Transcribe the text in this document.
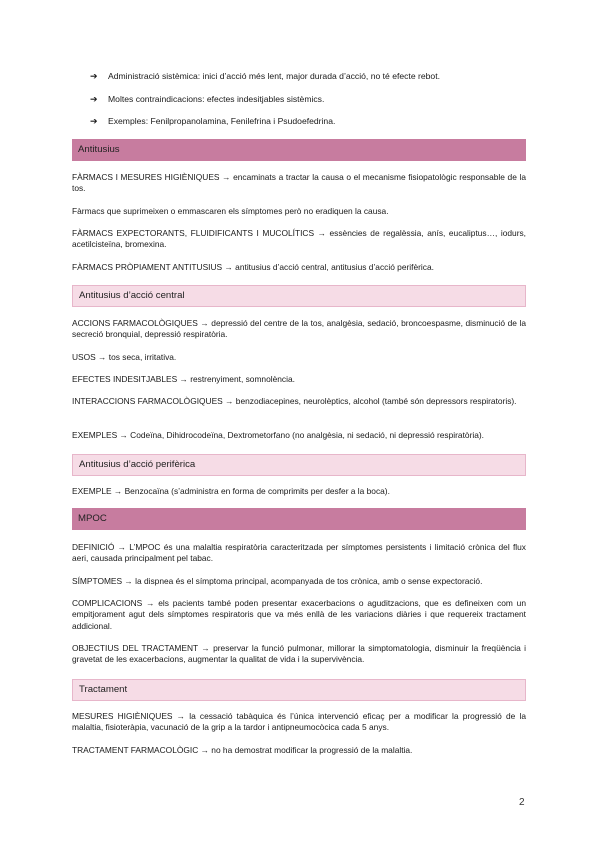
➔	Administració sistèmica: inici d’acció més lent, major durada d’acció, no té efecte rebot.
➔	Moltes contraindicacions: efectes indesitjables sistèmics.
➔	Exemples: Fenilpropanolamina, Fenilefrina i Psudoefedrina.
Antitusius
FÀRMACS I MESURES HIGIÈNIQUES → encaminats a tractar la causa o el mecanisme fisiopatològic responsable de la tos.
Fàrmacs que suprimeixen o emmascaren els símptomes però no eradiquen la causa.
FÀRMACS EXPECTORANTS, FLUIDIFICANTS I MUCOLÍTICS → essències de regalèssia, anís, eucaliptus…, iodurs, acetilcisteïna, bromexina.
FÀRMACS PRÒPIAMENT ANTITUSIUS → antitusius d’acció central, antitusius d’acció perifèrica.
Antitusius d’acció central
ACCIONS FARMACOLÒGIQUES → depressió del centre de la tos, analgèsia, sedació, broncoespasme, disminució de la secreció bronquial, depressió respiratòria.
USOS → tos seca, irritativa.
EFECTES INDESITJABLES → restrenyiment, somnolència.
INTERACCIONS FARMACOLÒGIQUES → benzodiacepines, neurolèptics, alcohol (també són depressors respiratoris).
EXEMPLES → Codeïna, Dihidrocodeïna, Dextrometorfano (no analgèsia, ni sedació, ni depressió respiratòria).
Antitusius d’acció perifèrica
EXEMPLE → Benzocaïna (s’administra en forma de comprimits per desfer a la boca).
MPOC
DEFINICIÓ → L’MPOC és una malaltia respiratòria caracteritzada per símptomes persistents i limitació crònica del flux aeri, causada principalment pel tabac.
SÍMPTOMES → la dispnea és el símptoma principal, acompanyada de tos crònica, amb o sense expectoració.
COMPLICACIONS → els pacients també poden presentar exacerbacions o aguditzacions, que es defineixen com un empitjorament agut dels símptomes respiratoris que va més enllà de les variacions diàries i que requereix tractament addicional.
OBJECTIUS DEL TRACTAMENT → preservar la funció pulmonar, millorar la simptomatologia, disminuir la freqüència i gravetat de les exacerbacions, augmentar la qualitat de vida i la supervivència.
Tractament
MESURES HIGIÈNIQUES → la cessació tabàquica és l’única intervenció eficaç per a modificar la progressió de la malaltia, fisioteràpia, vacunació de la grip a la tardor i antipneumocòcica cada 5 anys.
TRACTAMENT FARMACOLÒGIC → no ha demostrat modificar la progressió de la malaltia.
2
